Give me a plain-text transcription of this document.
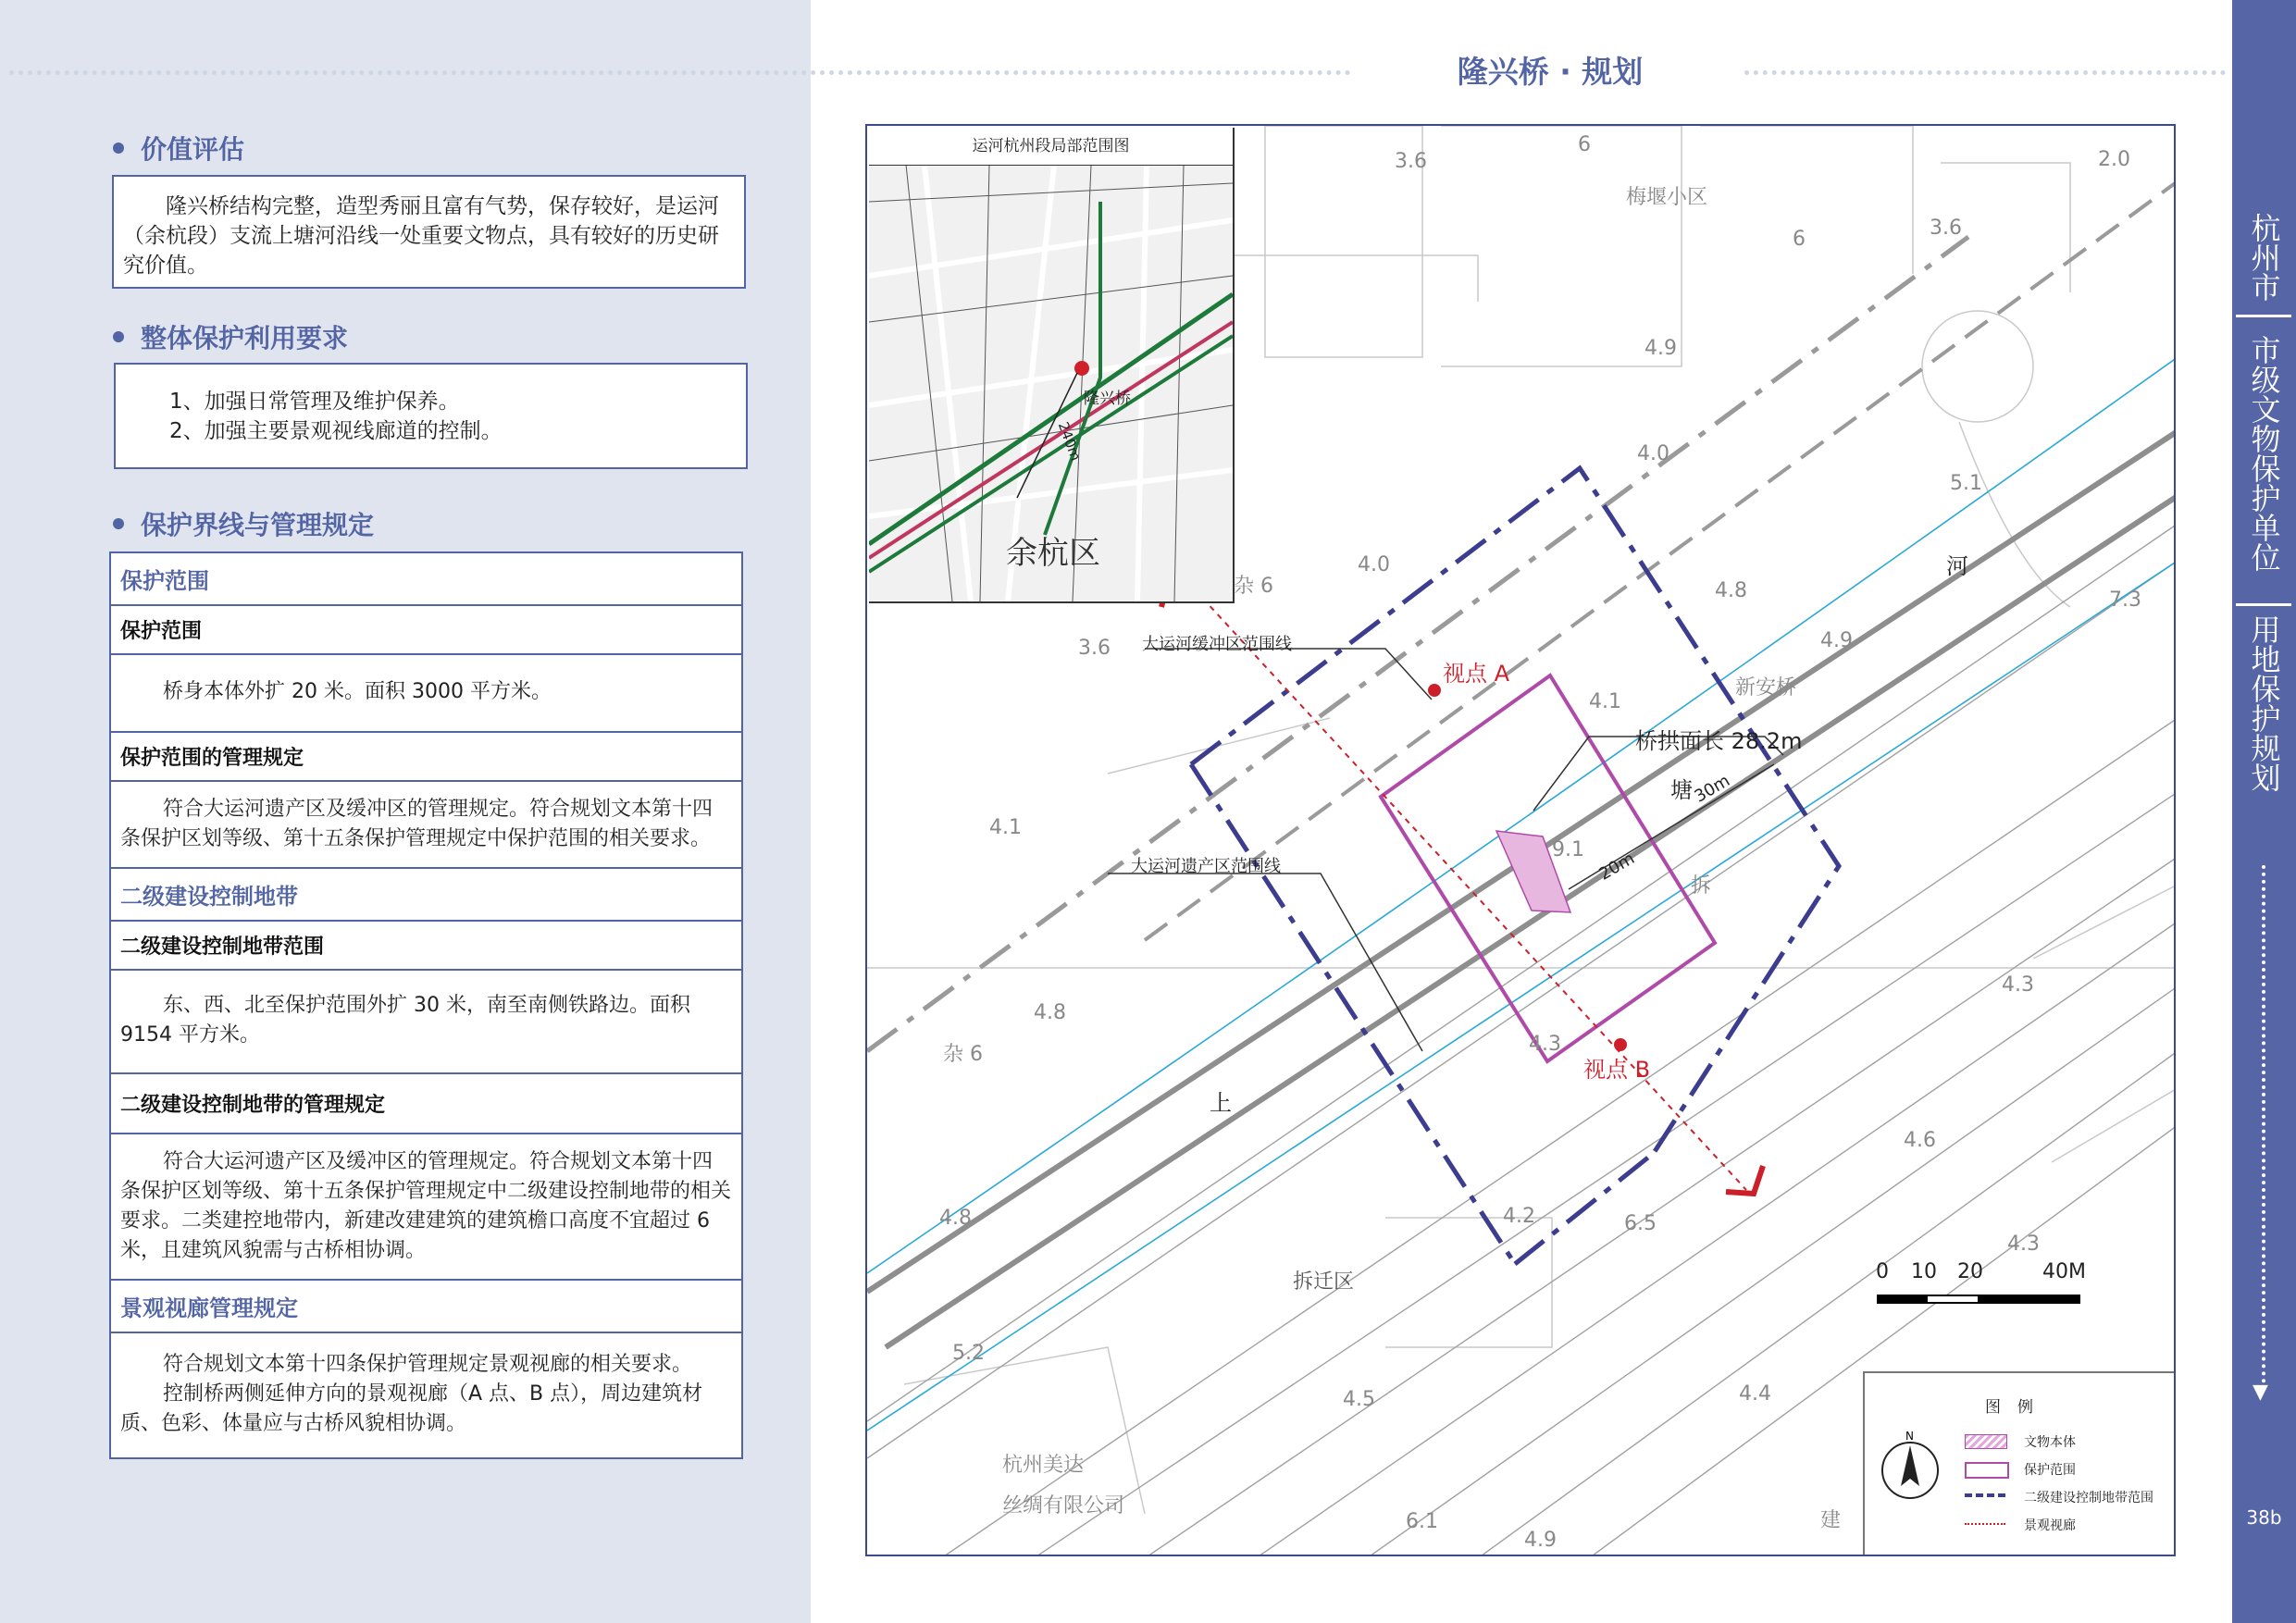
隆兴桥 · 规划
价值评估

隆兴桥结构完整，造型秀丽且富有气势，保存较好，是运河（余杭段）支流上塘河沿线一处重要文物点，具有较好的历史研究价值。

整体保护利用要求

1、加强日常管理及维护保养。

2、加强主要景观视线廊道的控制。

保护界线与管理规定
保护范围
保护范围
桥身本体外扩 20 米。面积 3000 平方米。
保护范围的管理规定
符合大运河遗产区及缓冲区的管理规定。符合规划文本第十四条保护区划等级、第十五条保护管理规定中保护范围的相关要求。
二级建设控制地带
二级建设控制地带范围
东、西、北至保护范围外扩 30 米，南至南侧铁路边。面积 9154 平方米。
二级建设控制地带的管理规定
符合大运河遗产区及缓冲区的管理规定。符合规划文本第十四条保护区划等级、第十五条保护管理规定中二级建设控制地带的相关要求。二类建控地带内，新建改建建筑的建筑檐口高度不宜超过 6 米，且建筑风貌需与古桥相协调。
景观视廊管理规定
符合规划文本第十四条保护管理规定景观视廊的相关要求。
控制桥两侧延伸方向的景观视廊（A 点、B 点），周边建筑材质、色彩、体量应与古桥风貌相协调。
运河杭州段局部范围图
隆兴桥
240m
余杭区
梅堰小区
新安桥
大运河缓冲区范围线
大运河遗产区范围线
桥拱面长 28.2m
视点 A
视点 B
拆迁区
杭州美达
丝绸有限公司
上
塘
河
20m
30m
拆
3.6
6
2.0
3.6
6
4.9
4.0
5.1
4.0
4.8	7.3
3.6	4.9
4.1
4.1
9.1
4.8
4.3
4.6
4.2	6.5
4.3
4.8
5.2
4.5	4.4
6.1
4.9
4.3
杂 6
杂 6
建
0 10 20	40M
图例
N	文物本体
保护范围
二级建设控制地带范围
景观视廊
杭州市
市级文物保护单位
用地保护规划
▼
38b
